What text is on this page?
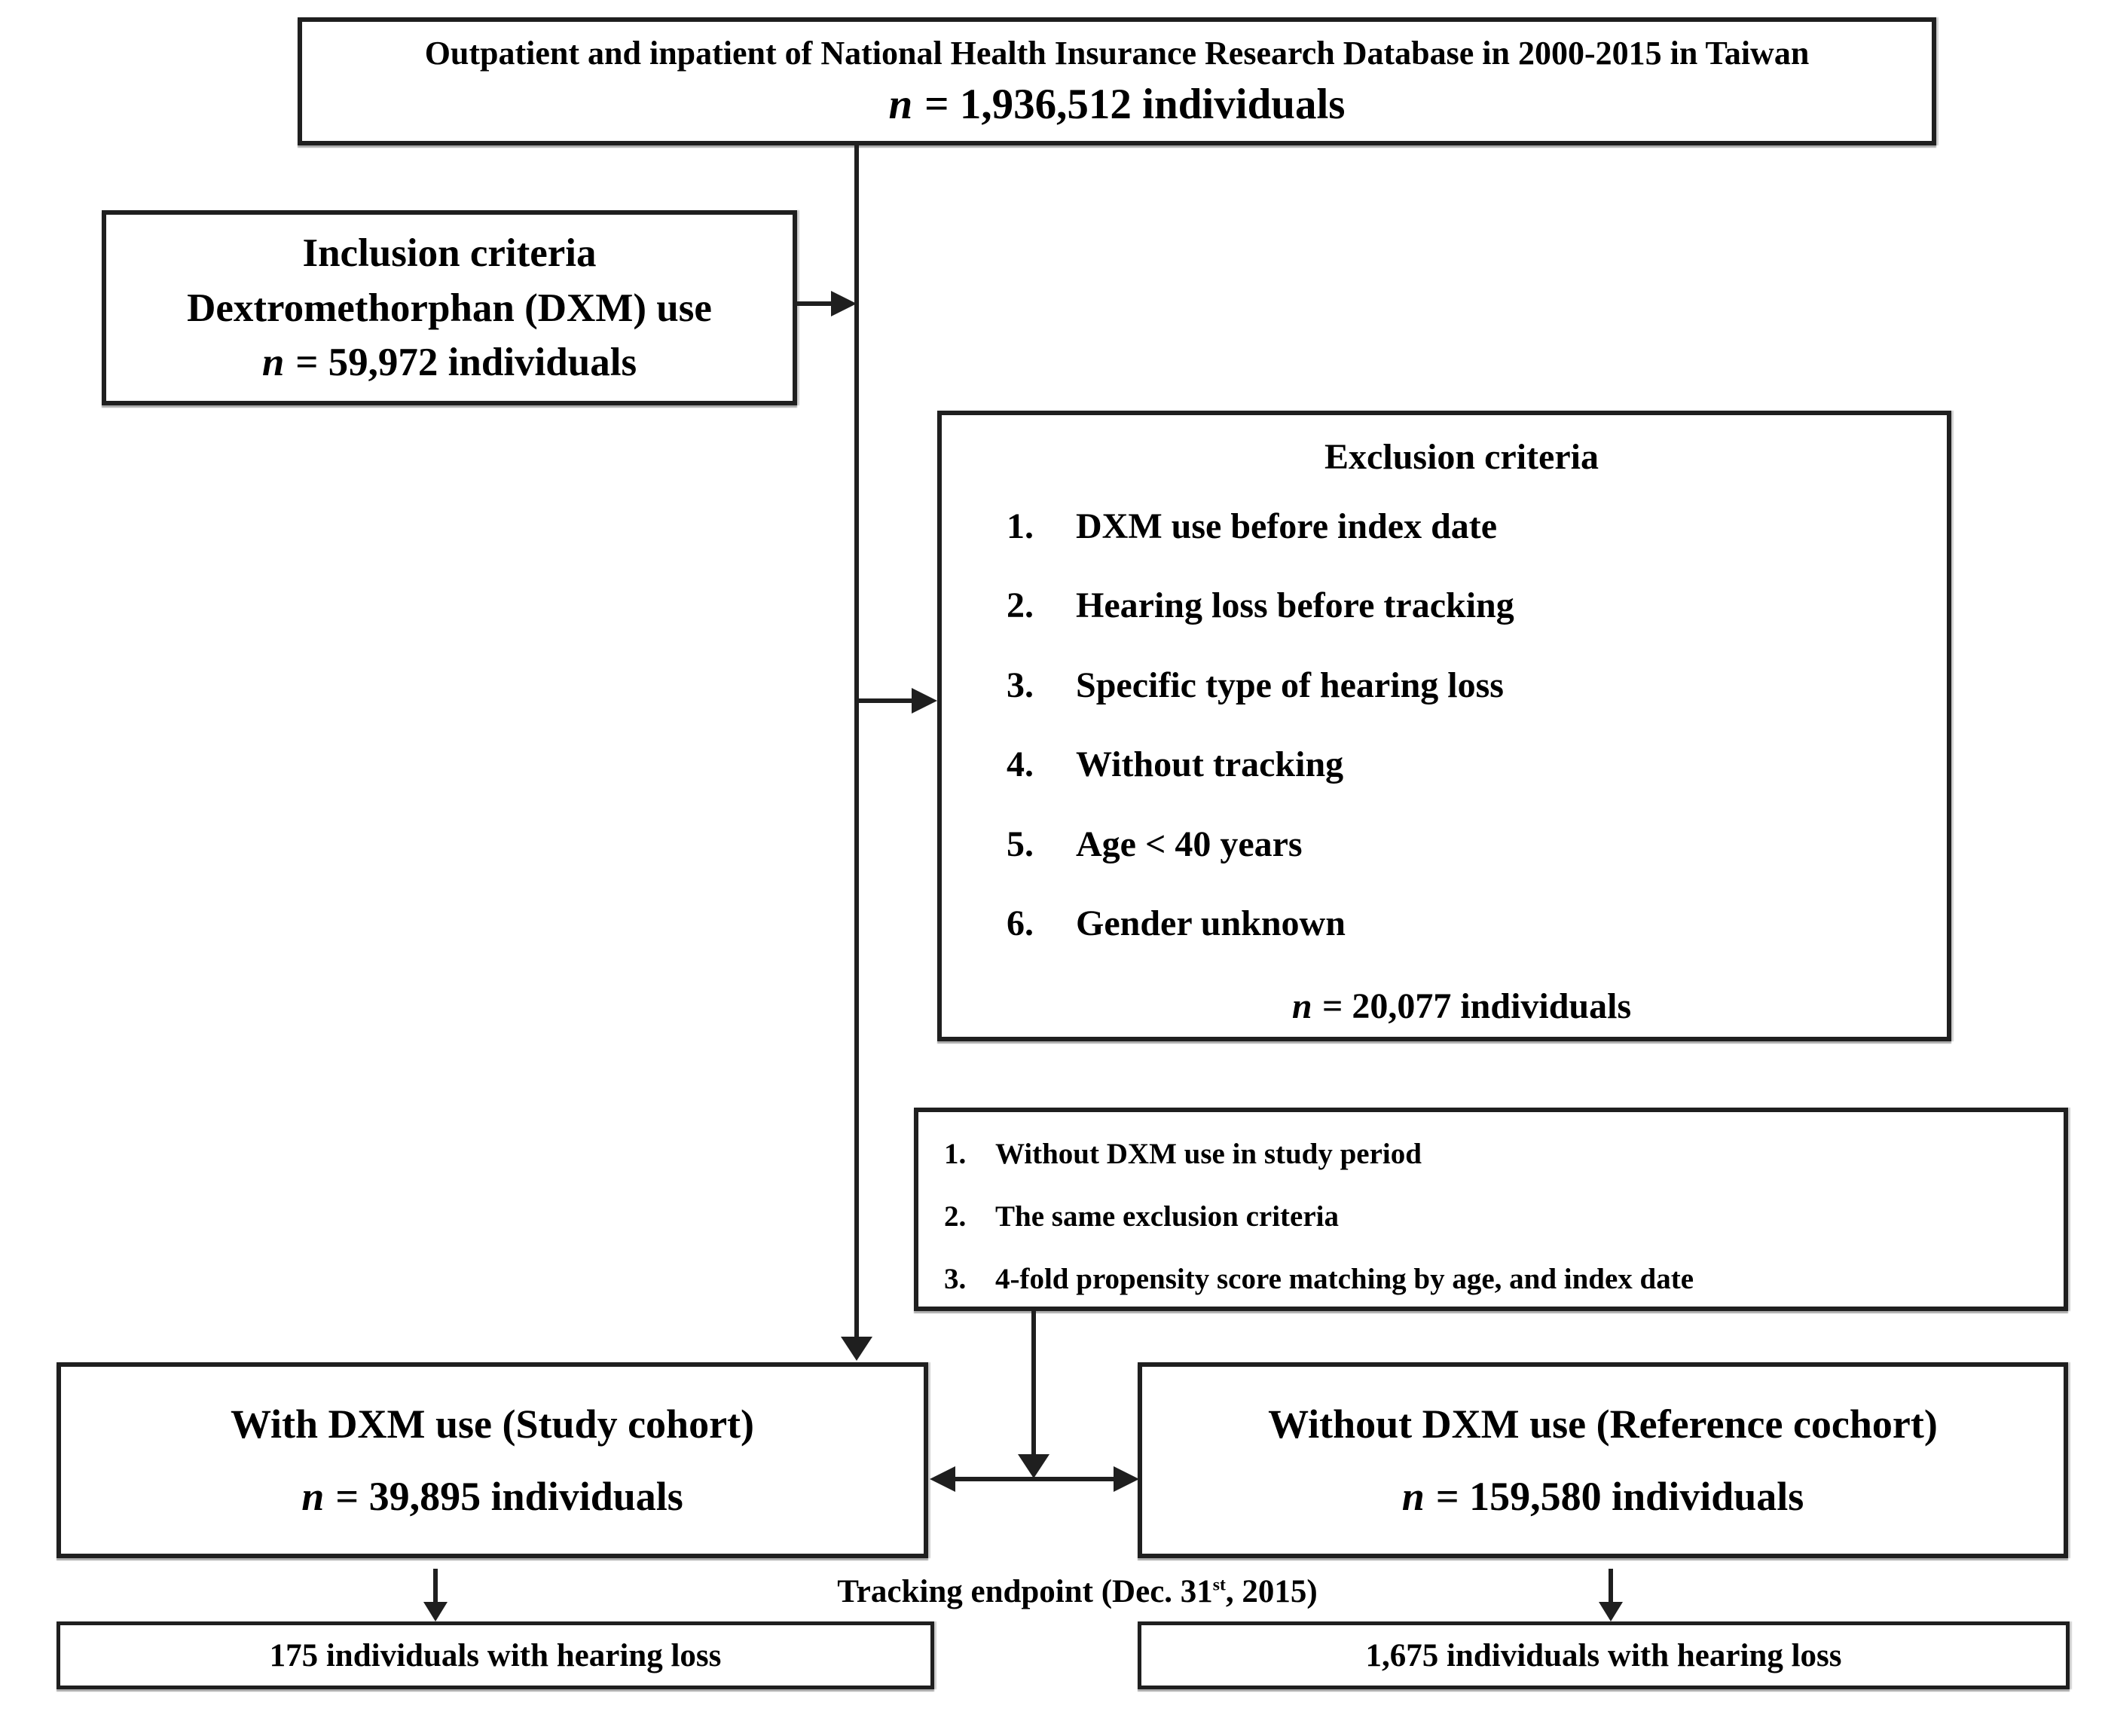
Outpatient and inpatient of National Health Insurance Research Database in 2000-2015 in Taiwan
n = 1,936,512 individuals
Inclusion criteria
Dextromethorphan (DXM) use
n = 59,972 individuals
Exclusion criteria
1.	DXM use before index date
2.	Hearing loss before tracking
3.	Specific type of hearing loss
4.	Without tracking
5.	Age < 40 years
6.	Gender unknown
n = 20,077 individuals
1. Without DXM use in study period
2. The same exclusion criteria
3. 4-fold propensity score matching by age, and index date
With DXM use (Study cohort)
n = 39,895 individuals
Without DXM use (Reference cochort)
n = 159,580 individuals
Tracking endpoint (Dec. 31st, 2015)
175 individuals with hearing loss	1,675 individuals with hearing loss
